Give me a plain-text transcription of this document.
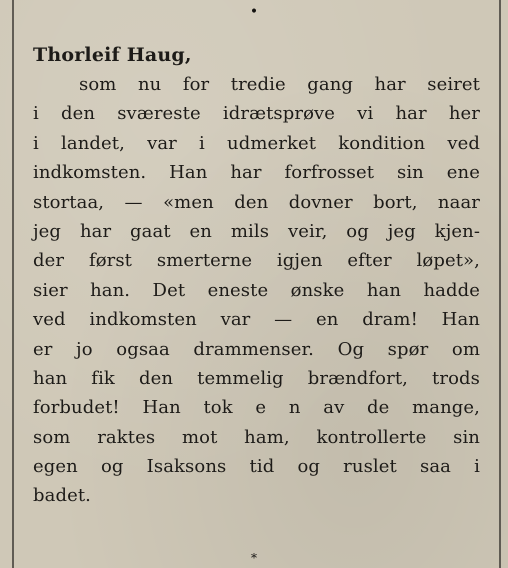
•
Thorleif Haug,
som nu for tredie gang har seiret
i den sværeste idrætsprøve vi har her
i landet, var i udmerket kondition ved
indkomsten. Han har forfrosset sin ene
stortaa, — «men den dovner bort, naar
jeg har gaat en mils veir, og jeg kjen-
der først smerterne igjen efter løpet»,
sier han. Det eneste ønske han hadde
ved indkomsten var — en dram! Han
er jo ogsaa drammenser. Og spør om
han fik den temmelig brændfort, trods
forbudet! Han tok e n av de mange,
som raktes mot ham, kontrollerte sin
egen og Isaksons tid og ruslet saa i
badet.
*
